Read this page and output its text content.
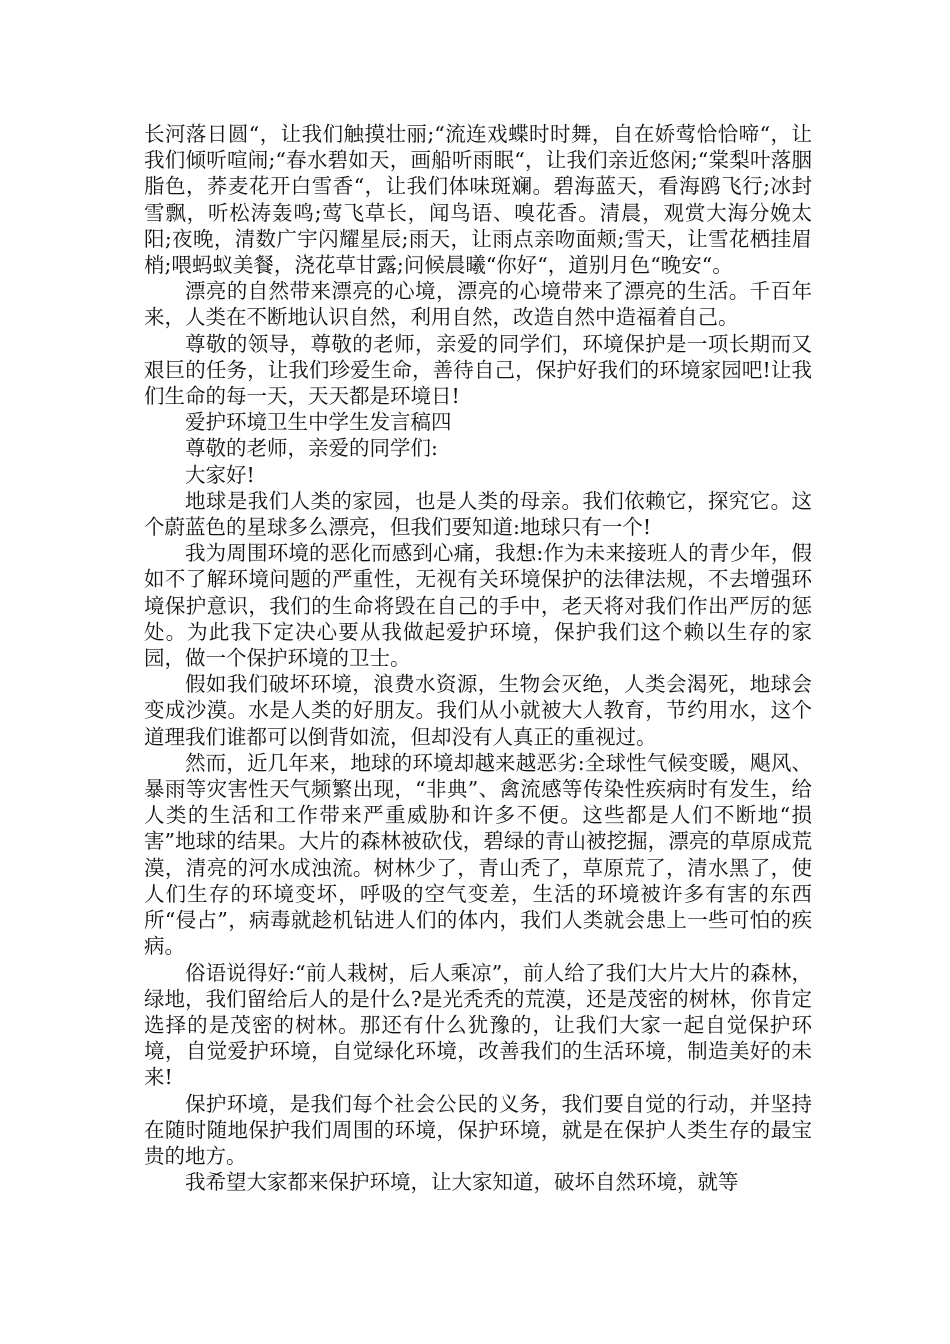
长河落日圆“，让我们触摸壮丽;“流连戏蝶时时舞，自在娇莺恰恰啼“，让我们倾听喧闹;“春水碧如天，画船听雨眠“，让我们亲近悠闲;“棠梨叶落胭脂色，荞麦花开白雪香“，让我们体味斑斓。碧海蓝天，看海鸥飞行;冰封雪飘，听松涛轰鸣;莺飞草长，闻鸟语、嗅花香。清晨，观赏大海分娩太阳;夜晚，清数广宇闪耀星辰;雨天，让雨点亲吻面颊;雪天，让雪花栖挂眉梢;喂蚂蚁美餐，浇花草甘露;问候晨曦“你好“，道别月色“晚安“。

漂亮的自然带来漂亮的心境，漂亮的心境带来了漂亮的生活。千百年来，人类在不断地认识自然，利用自然，改造自然中造福着自己。

尊敬的领导，尊敬的老师，亲爱的同学们，环境保护是一项长期而又艰巨的任务，让我们珍爱生命，善待自己，保护好我们的环境家园吧!让我们生命的每一天，天天都是环境日!

爱护环境卫生中学生发言稿四

尊敬的老师，亲爱的同学们:

大家好!

地球是我们人类的家园，也是人类的母亲。我们依赖它，探究它。这个蔚蓝色的星球多么漂亮，但我们要知道:地球只有一个!

我为周围环境的恶化而感到心痛，我想:作为未来接班人的青少年，假如不了解环境问题的严重性，无视有关环境保护的法律法规，不去增强环境保护意识，我们的生命将毁在自己的手中，老天将对我们作出严厉的惩处。为此我下定决心要从我做起爱护环境，保护我们这个赖以生存的家园，做一个保护环境的卫士。

假如我们破坏环境，浪费水资源，生物会灭绝，人类会渴死，地球会变成沙漠。水是人类的好朋友。我们从小就被大人教育，节约用水，这个道理我们谁都可以倒背如流，但却没有人真正的重视过。

然而，近几年来，地球的环境却越来越恶劣:全球性气候变暖，飓风、暴雨等灾害性天气频繁出现，“非典”、禽流感等传染性疾病时有发生，给人类的生活和工作带来严重威胁和许多不便。这些都是人们不断地“损害”地球的结果。大片的森林被砍伐，碧绿的青山被挖掘，漂亮的草原成荒漠，清亮的河水成浊流。树林少了，青山秃了，草原荒了，清水黑了，使人们生存的环境变坏，呼吸的空气变差，生活的环境被许多有害的东西所“侵占”，病毒就趁机钻进人们的体内，我们人类就会患上一些可怕的疾病。

俗语说得好:“前人栽树，后人乘凉”，前人给了我们大片大片的森林，绿地，我们留给后人的是什么?是光秃秃的荒漠，还是茂密的树林，你肯定选择的是茂密的树林。那还有什么犹豫的，让我们大家一起自觉保护环境，自觉爱护环境，自觉绿化环境，改善我们的生活环境，制造美好的未来!

保护环境，是我们每个社会公民的义务，我们要自觉的行动，并坚持在随时随地保护我们周围的环境，保护环境，就是在保护人类生存的最宝贵的地方。

我希望大家都来保护环境，让大家知道，破坏自然环境，就等
